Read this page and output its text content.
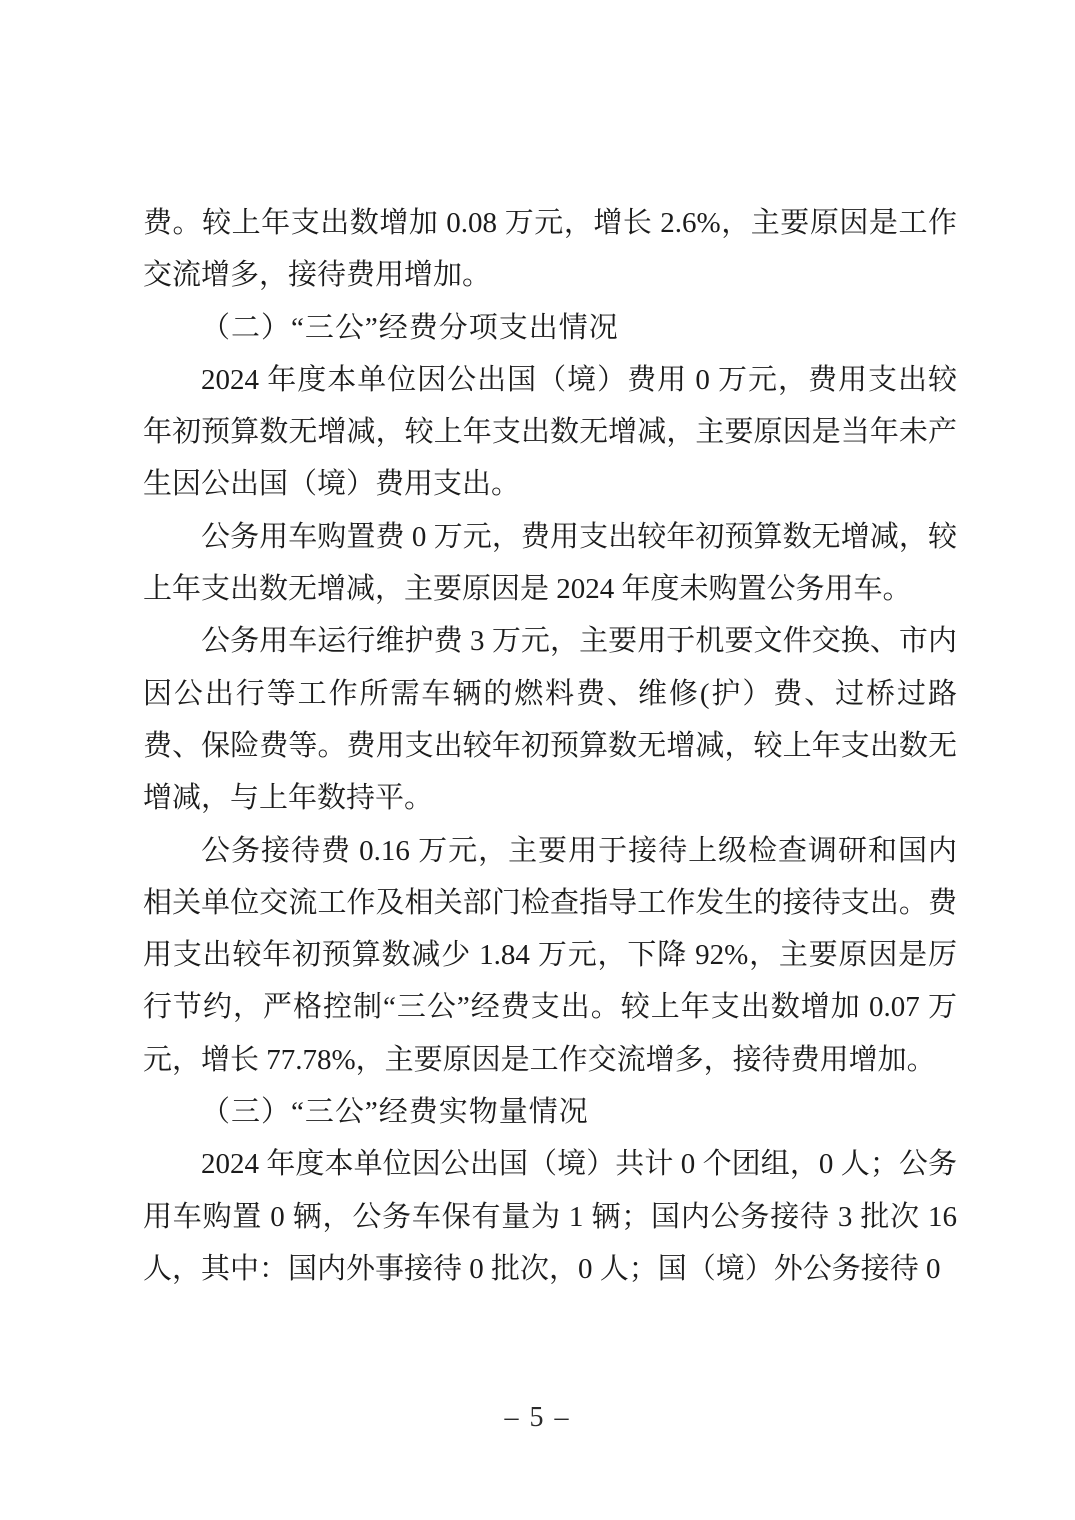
费。较上年支出数增加 0.08 万元，增长 2.6%，主要原因是工作交流增多，接待费用增加。

（二）“三公”经费分项支出情况

2024 年度本单位因公出国（境）费用 0 万元，费用支出较年初预算数无增减，较上年支出数无增减，主要原因是当年未产生因公出国（境）费用支出。

公务用车购置费 0 万元，费用支出较年初预算数无增减，较上年支出数无增减，主要原因是 2024 年度未购置公务用车。

公务用车运行维护费 3 万元，主要用于机要文件交换、市内因公出行等工作所需车辆的燃料费、维修(护）费、过桥过路费、保险费等。费用支出较年初预算数无增减，较上年支出数无增减，与上年数持平。

公务接待费 0.16 万元，主要用于接待上级检查调研和国内相关单位交流工作及相关部门检查指导工作发生的接待支出。费用支出较年初预算数减少 1.84 万元，下降 92%，主要原因是厉行节约，严格控制“三公”经费支出。较上年支出数增加 0.07 万元，增长 77.78%，主要原因是工作交流增多，接待费用增加。

（三）“三公”经费实物量情况

2024 年度本单位因公出国（境）共计 0 个团组，0 人；公务用车购置 0 辆，公务车保有量为 1 辆；国内公务接待 3 批次 16 人，其中：国内外事接待 0 批次，0 人；国（境）外公务接待 0

– 5 –
